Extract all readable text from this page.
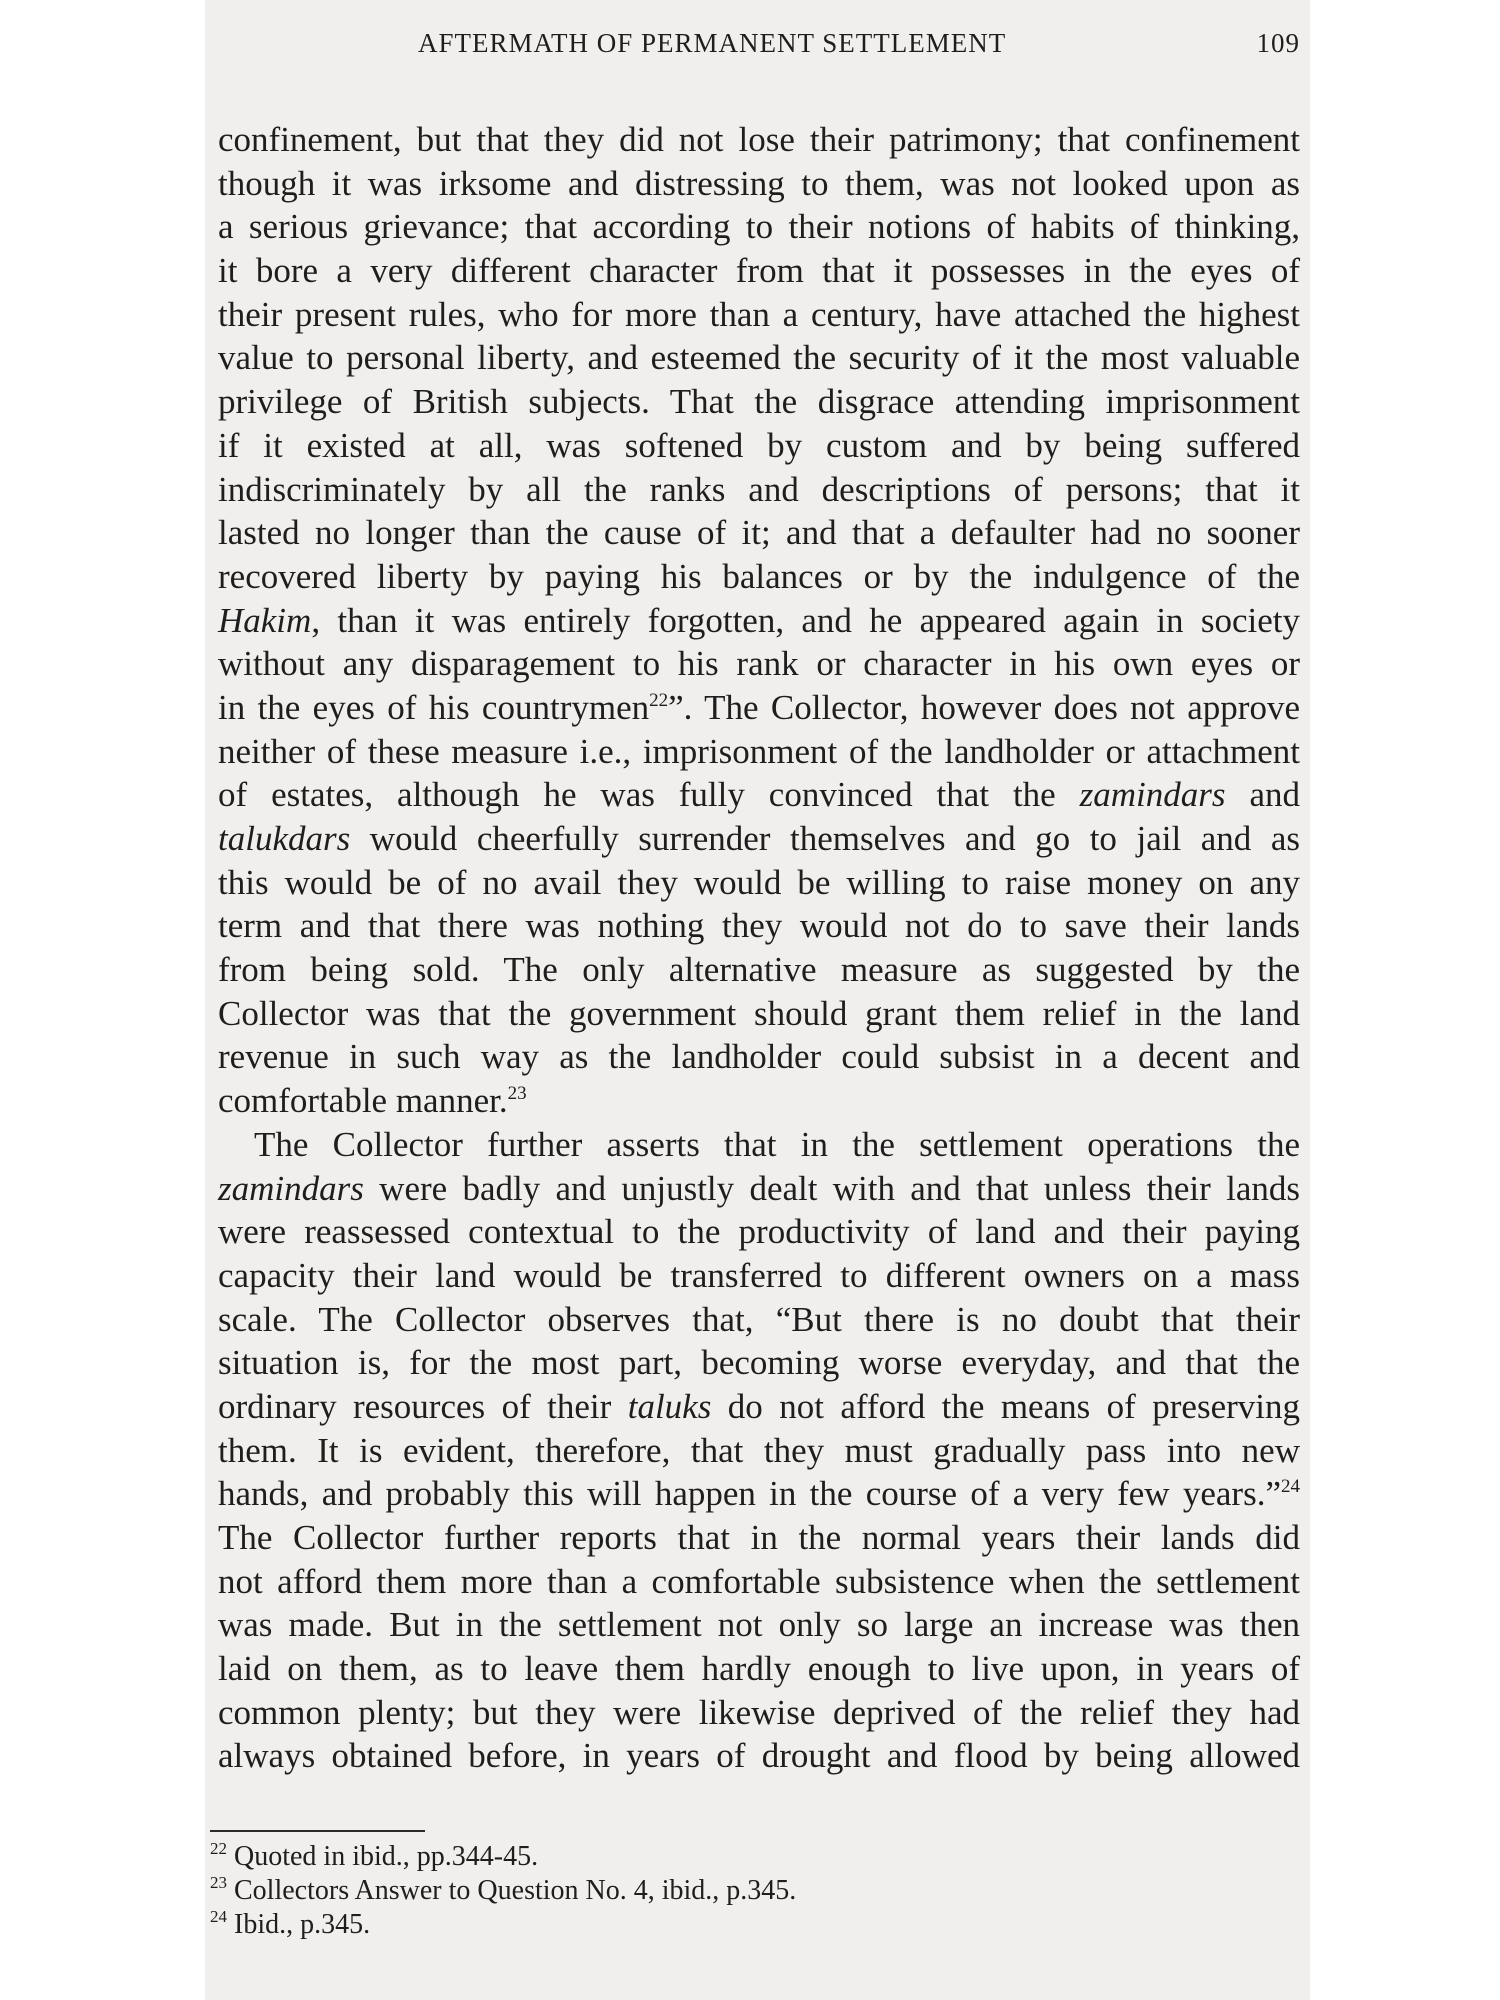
AFTERMATH OF PERMANENT SETTLEMENT	109
confinement, but that they did not lose their patrimony; that confinement
though it was irksome and distressing to them, was not looked upon as
a serious grievance; that according to their notions of habits of thinking,
it bore a very different character from that it possesses in the eyes of
their present rules, who for more than a century, have attached the highest
value to personal liberty, and esteemed the security of it the most valuable
privilege of British subjects. That the disgrace attending imprisonment
if it existed at all, was softened by custom and by being suffered
indiscriminately by all the ranks and descriptions of persons; that it
lasted no longer than the cause of it; and that a defaulter had no sooner
recovered liberty by paying his balances or by the indulgence of the
Hakim, than it was entirely forgotten, and he appeared again in society
without any disparagement to his rank or character in his own eyes or
in the eyes of his countrymen$^{22}$”. The Collector, however does not approve
neither of these measure i.e., imprisonment of the landholder or attachment
of estates, although he was fully convinced that the zamindars and
talukdars would cheerfully surrender themselves and go to jail and as
this would be of no avail they would be willing to raise money on any
term and that there was nothing they would not do to save their lands
from being sold. The only alternative measure as suggested by the
Collector was that the government should grant them relief in the land
revenue in such way as the landholder could subsist in a decent and
comfortable manner.$^{23}$
The Collector further asserts that in the settlement operations the
zamindars were badly and unjustly dealt with and that unless their lands
were reassessed contextual to the productivity of land and their paying
capacity their land would be transferred to different owners on a mass
scale. The Collector observes that, “But there is no doubt that their
situation is, for the most part, becoming worse everyday, and that the
ordinary resources of their taluks do not afford the means of preserving
them. It is evident, therefore, that they must gradually pass into new
hands, and probably this will happen in the course of a very few years.”$^{24}$
The Collector further reports that in the normal years their lands did
not afford them more than a comfortable subsistence when the settlement
was made. But in the settlement not only so large an increase was then
laid on them, as to leave them hardly enough to live upon, in years of
common plenty; but they were likewise deprived of the relief they had
always obtained before, in years of drought and flood by being allowed
$^{22}$ Quoted in ibid., pp.344-45.
$^{23}$ Collectors Answer to Question No. 4, ibid., p.345.
$^{24}$ Ibid., p.345.
